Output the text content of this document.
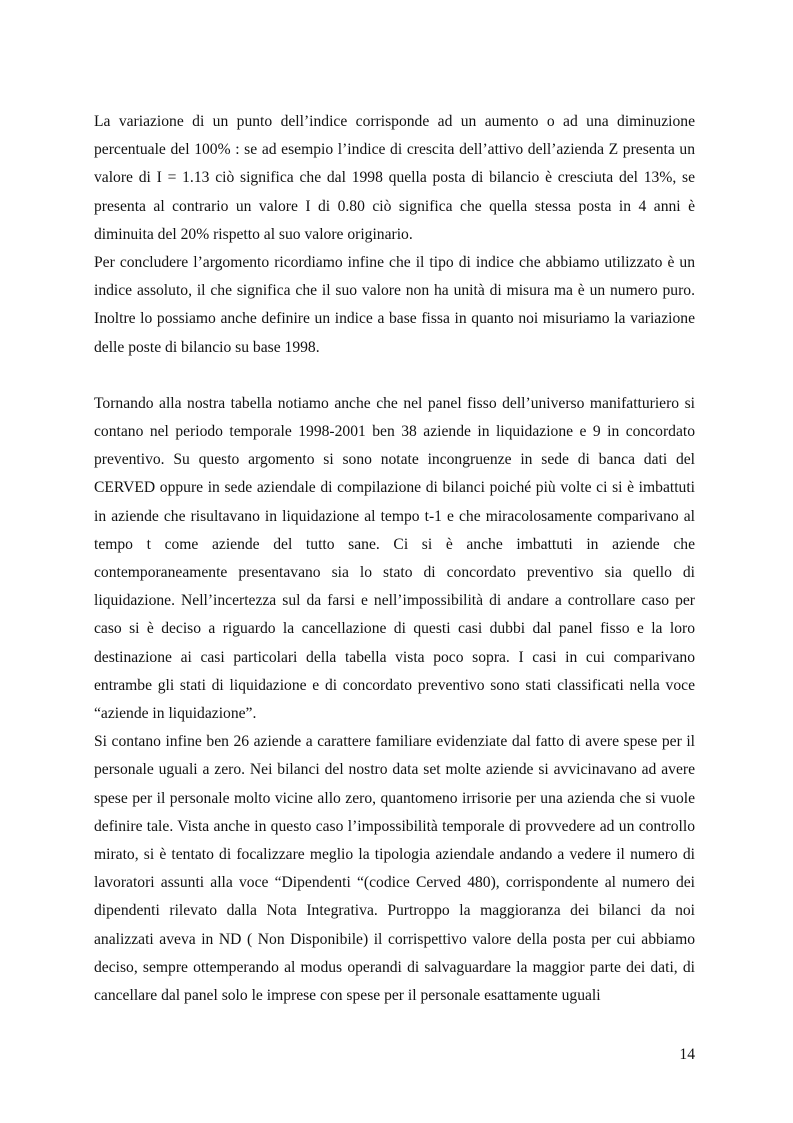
La variazione di un punto dell’indice corrisponde ad un aumento o ad una diminuzione percentuale del 100% : se ad esempio l’indice di crescita dell’attivo dell’azienda Z presenta un valore di I = 1.13 ciò significa che dal 1998 quella posta di bilancio è cresciuta del 13%, se presenta al contrario un valore I di 0.80 ciò significa che quella stessa posta in 4 anni è diminuita del 20% rispetto al suo valore originario.

Per concludere l’argomento ricordiamo infine che il tipo di indice che abbiamo utilizzato è un indice assoluto, il che significa che il suo valore non ha unità di misura ma è un numero puro. Inoltre lo possiamo anche definire un indice a base fissa in quanto noi misuriamo la variazione delle poste di bilancio su base 1998.

Tornando alla nostra tabella notiamo anche che nel panel fisso dell’universo manifatturiero si contano nel periodo temporale 1998-2001 ben 38 aziende in liquidazione e 9 in concordato preventivo. Su questo argomento si sono notate incongruenze in sede di banca dati del CERVED oppure in sede aziendale di compilazione di bilanci poiché più volte ci si è imbattuti in aziende che risultavano in liquidazione al tempo t-1 e che miracolosamente comparivano al tempo t come aziende del tutto sane. Ci si è anche imbattuti in aziende che contemporaneamente presentavano sia lo stato di concordato preventivo sia quello di liquidazione. Nell’incertezza sul da farsi e nell’impossibilità di andare a controllare caso per caso si è deciso a riguardo la cancellazione di questi casi dubbi dal panel fisso e la loro destinazione ai casi particolari della tabella vista poco sopra. I casi in cui comparivano entrambe gli stati di liquidazione e di concordato preventivo sono stati classificati nella voce “aziende in liquidazione”.

Si contano infine ben 26 aziende a carattere familiare evidenziate dal fatto di avere spese per il personale uguali a zero. Nei bilanci del nostro data set molte aziende si avvicinavano ad avere spese per il personale molto vicine allo zero, quantomeno irrisorie per una azienda che si vuole definire tale. Vista anche in questo caso l’impossibilità temporale di provvedere ad un controllo mirato, si è tentato di focalizzare meglio la tipologia aziendale andando a vedere il numero di lavoratori assunti alla voce “Dipendenti “(codice Cerved 480), corrispondente al numero dei dipendenti rilevato dalla Nota Integrativa. Purtroppo la maggioranza dei bilanci da noi analizzati aveva in ND ( Non Disponibile) il corrispettivo valore della posta per cui abbiamo deciso, sempre ottemperando al modus operandi di salvaguardare la maggior parte dei dati, di cancellare dal panel solo le imprese con spese per il personale esattamente uguali

14
